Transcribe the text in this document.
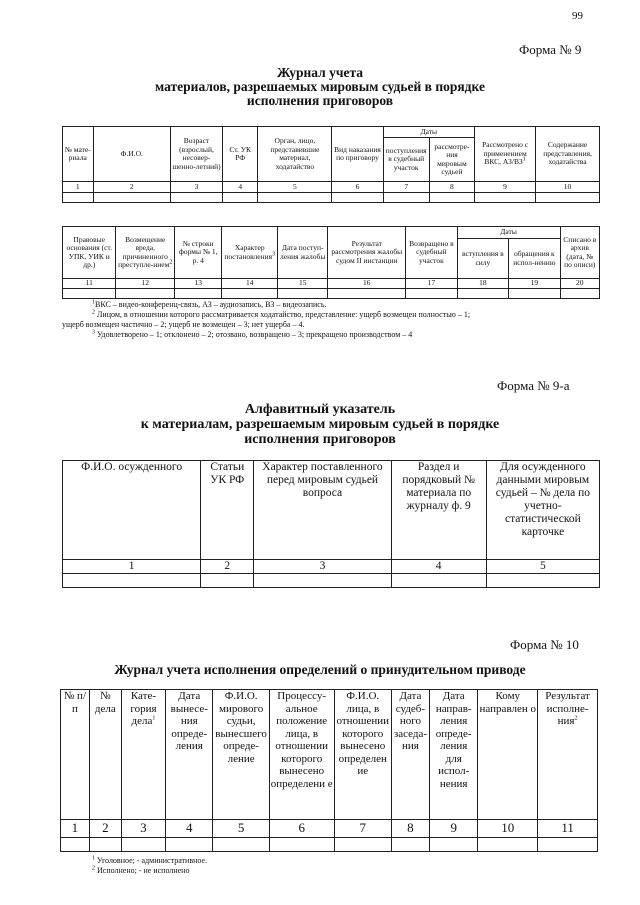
99
Форма № 9
Журнал учета
материалов, разрешаемых мировым судьей в порядке
исполнения приговоров
№ мате-риала	Ф.И.О.	Возраст (взрослый, несовер-шенно-летний)	Ст. УК РФ	Орган, лицо, представившие материал, ходатайство	Вид наказания по приговору	Даты		Рассмотрено с применением ВКС, $АЗ/ВЗ^1$	Содержание представления, ходатайства
						поступления в судебный участок	рассмотре-ния мировым судьей		
1	2	3	4	5	6	7	8	9	10

Правовые основания (ст. УПК, УИК и др.)	Возмещение вреда, причиненного преступле-нием$^2$	№ строки формы № 1, р. 4	Характер постановления$^3$	Дата поступ-ления жалобы	Результат рассмотрения жалобы судом II инстанции	Возвращено в судебный участок	Даты		Списано в архив (дата, № по описи)
							вступления в силу	обращения к испол-нению	
11	12	13	14	15	16	17	18	19	20

$^1$ВКС – видео-конференц-связь, АЗ – аудиозапись, ВЗ – видеозапись.
$^2$ Лицом, в отношении которого рассматривается ходатайство, представление: ущерб возмещен полностью – 1;
ущерб возмещен частично – 2; ущерб не возмещен – 3; нет ущерба – 4.
$^3$ Удовлетворено – 1; отклонено – 2; отозвано, возвращено – 3; прекращено производством – 4
Форма № 9-а
Алфавитный указатель
к материалам, разрешаемым мировым судьей в порядке
исполнения приговоров
Ф.И.О. осужденного	Статьи УК РФ	Характер поставленного перед мировым судьей вопроса	Раздел и порядковый № материала по журналу ф. 9	Для осужденного данными мировым судьей – № дела по учетно-статистической карточке
1	2	3	4	5

Форма № 10
Журнал учета исполнения определений о принудительном приводе
№ п/п	№ дела	Кате-гория дела$^1$	Дата вынесе-ния опреде-ления	Ф.И.О. мирового судьи, вынесшего опреде-ление	Процессу-альное положение лица, в отношении которого вынесено определени е	Ф.И.О. лица, в отношении которого вынесено определен ие	Дата судеб-ного заседа-ния	Дата направ-ления опреде-ления для испол-нения	Кому направлен о	Результат исполне-ния$^2$
1	2	3	4	5	6	7	8	9	10	11

$^1$ Уголовное; - административное.
$^2$ Исполнено; - не исполнено
